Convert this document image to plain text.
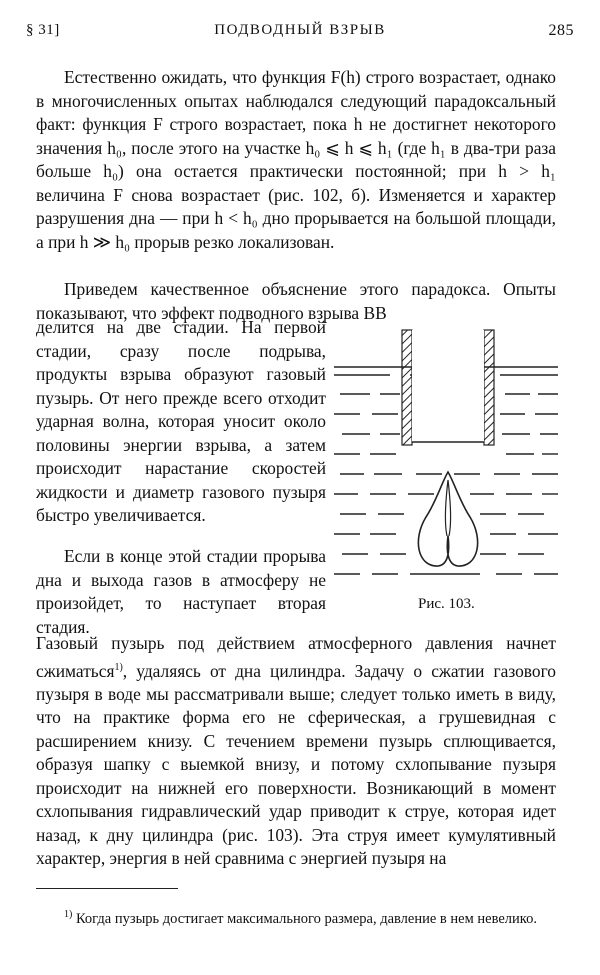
§ 31]	ПОДВОДНЫЙ ВЗРЫВ	285

Естественно ожидать, что функция F(h) строго возрастает, однако в многочисленных опытах наблюдался следующий парадоксальный факт: функция F строго возрастает, пока h не достигнет некоторого значения h₀, после этого на участке h₀ ⩽ h ⩽ h₁ (где h₁ в два-три раза больше h₀) она остается практически постоянной; при h > h₁ величина F снова возрастает (рис. 102, б). Изменяется и характер разрушения дна — при h < h₀ дно прорывается на большой площади, а при h ≫ h₀ прорыв резко локализован.

Приведем качественное объяснение этого парадокса. Опыты показывают, что эффект подводного взрыва ВВ

делится на две стадии. На первой стадии, сразу после подрыва, продукты взрыва образуют газовый пузырь. От него прежде всего отходит ударная волна, которая уносит около половины энергии взрыва, а затем происходит нарастание скоростей жидкости и диаметр газового пузыря быстро увеличивается.

Если в конце этой стадии прорыва дна и выхода газов в атмосферу не произойдет, то наступает вторая стадия.

Газовый пузырь под действием атмосферного давления начнет сжиматься$^{1)}$, удаляясь от дна цилиндра. Задачу о сжатии газового пузыря в воде мы рассматривали выше; следует только иметь в виду, что на практике форма его не сферическая, а грушевидная с расширением книзу. С течением времени пузырь сплющивается, образуя шапку с выемкой внизу, и потому схлопывание пузыря происходит на нижней его поверхности. Возникающий в момент схлопывания гидравлический удар приводит к струе, которая идет назад, к дну цилиндра (рис. 103). Эта струя имеет кумулятивный характер, энергия в ней сравнима с энергией пузыря на

Рис. 103.

$^{1)}$ Когда пузырь достигает максимального размера, давление в нем невелико.
